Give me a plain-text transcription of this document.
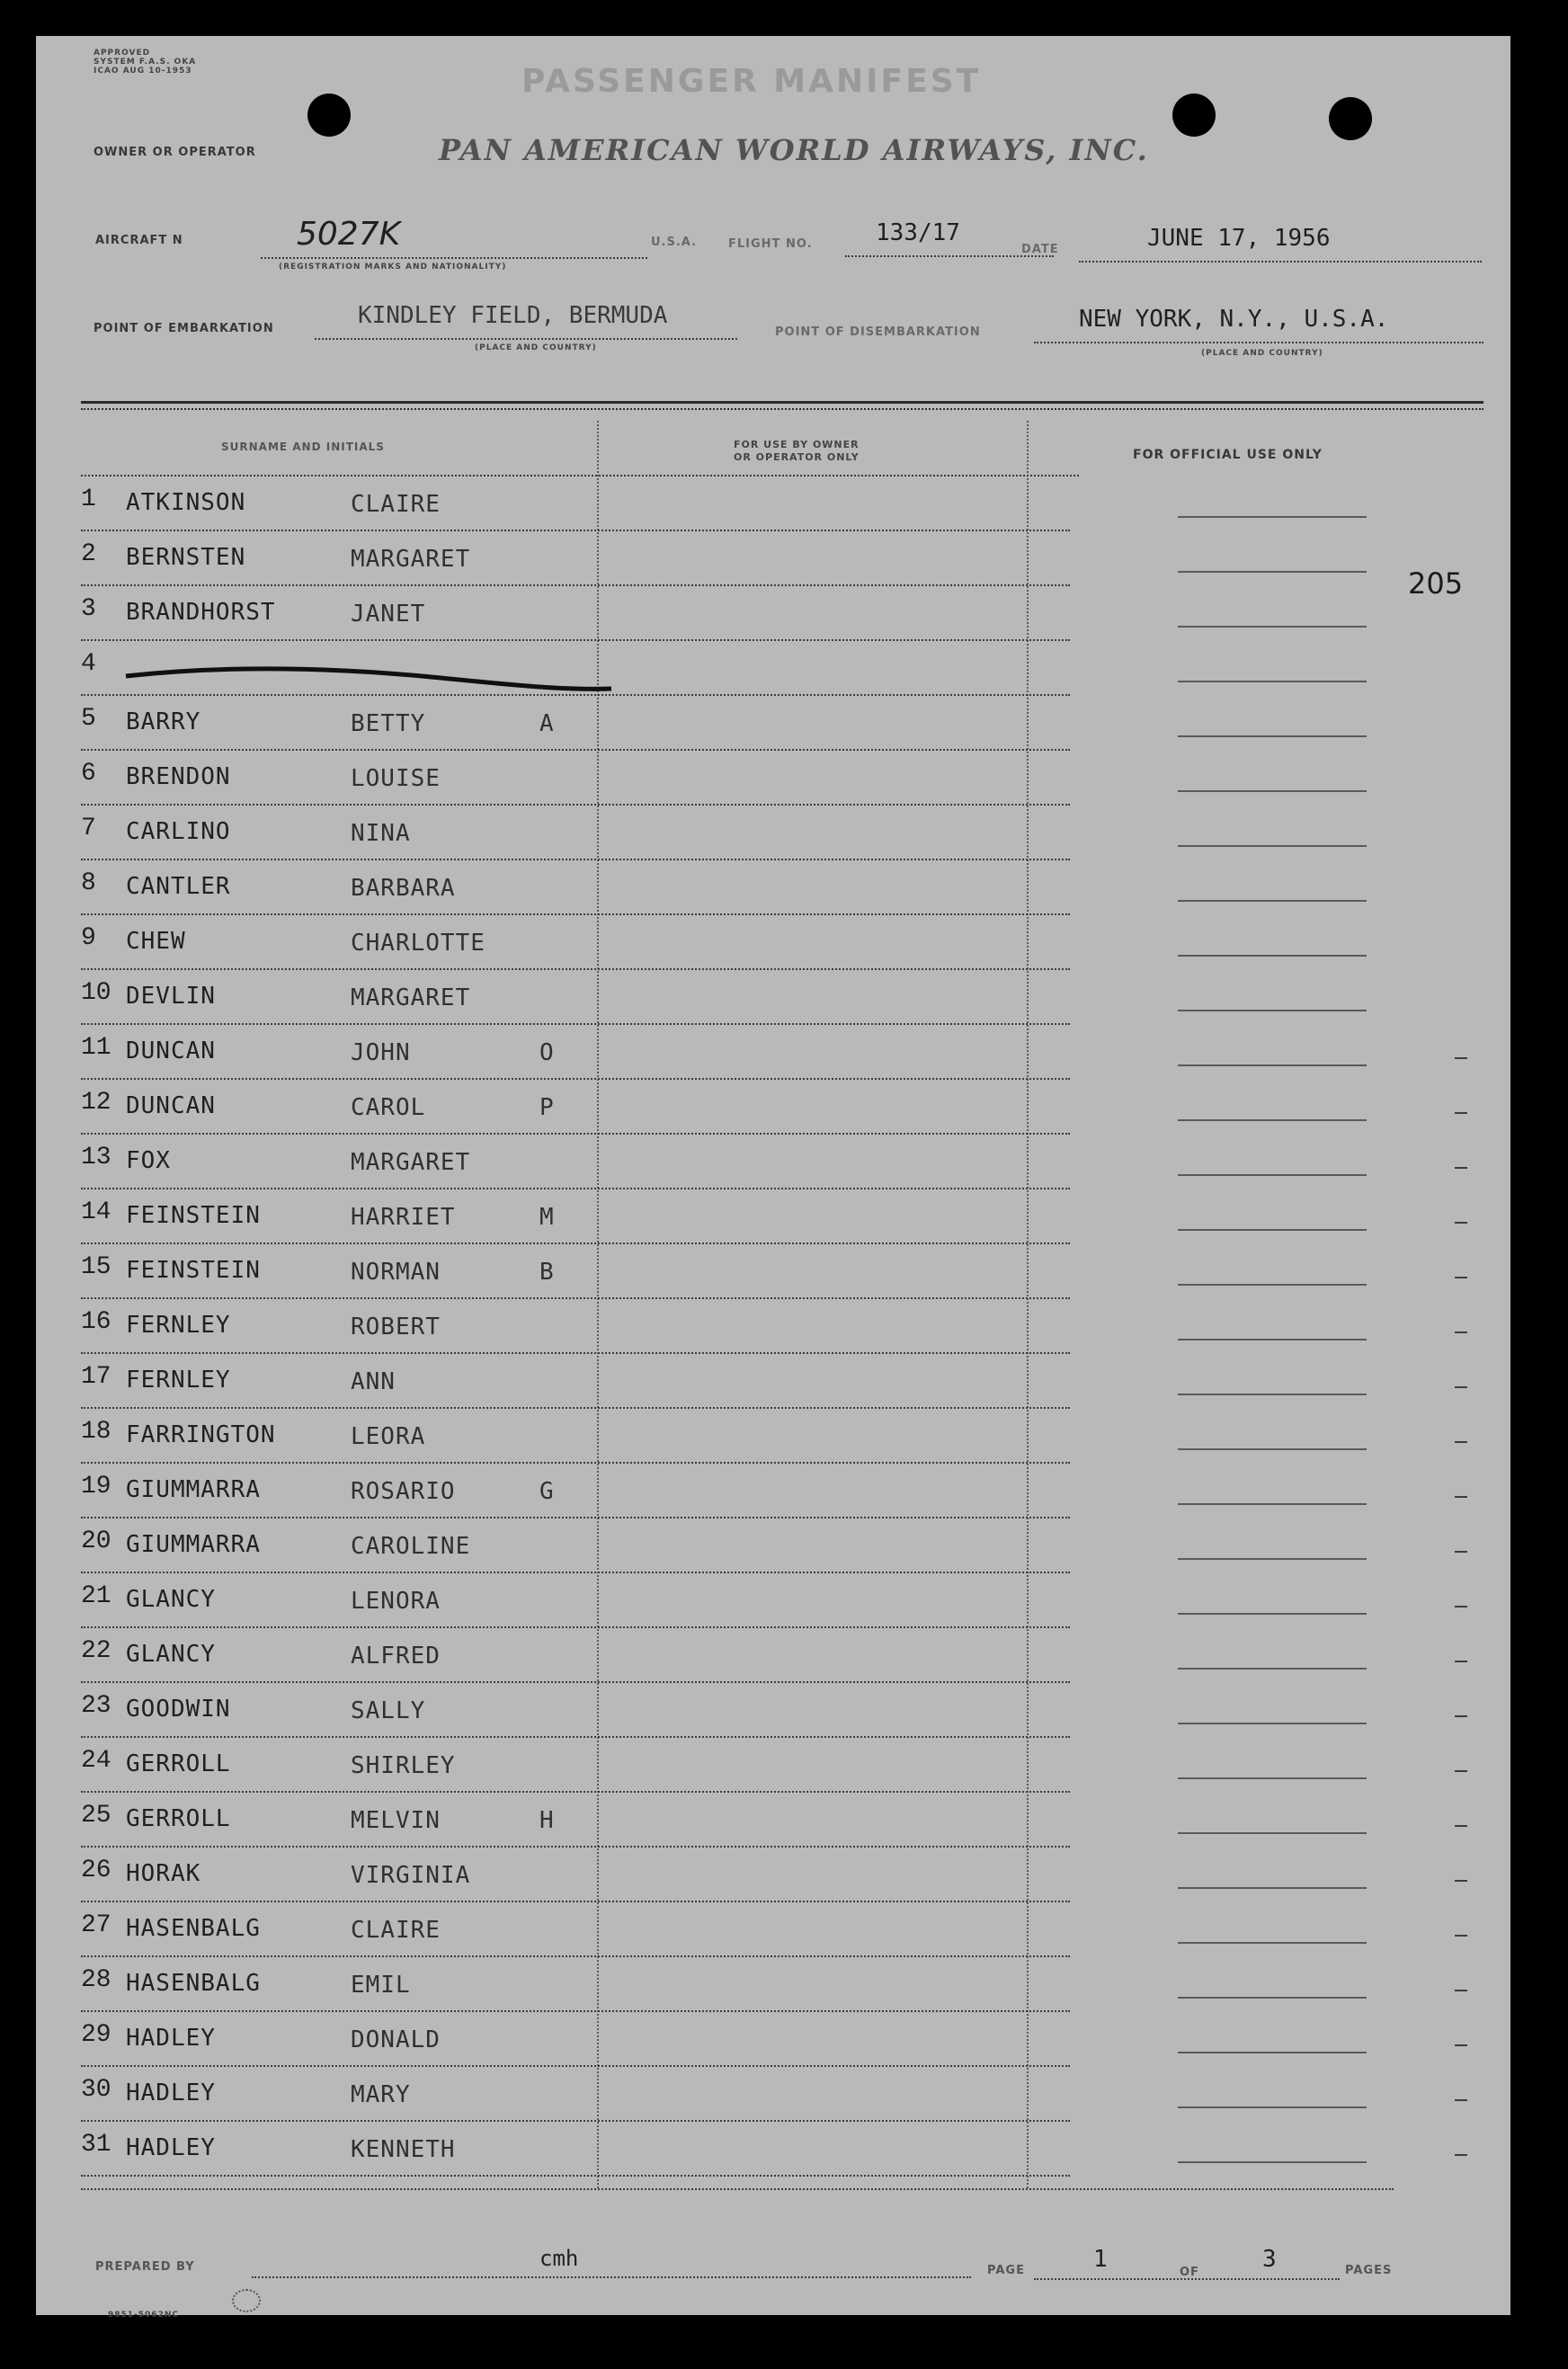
APPROVED
SYSTEM F.A.S. OKA
ICAO AUG 10-1953	PASSENGER MANIFEST
OWNER OR OPERATOR	PAN AMERICAN WORLD AIRWAYS, INC.
AIRCRAFT N	5027K
(REGISTRATION MARKS AND NATIONALITY)
U.S.A.	FLIGHT NO.	133/17
DATE	JUNE 17, 1956
POINT OF EMBARKATION	KINDLEY FIELD, BERMUDA
(PLACE AND COUNTRY)
POINT OF DISEMBARKATION	NEW YORK, N.Y., U.S.A.
(PLACE AND COUNTRY)
SURNAME AND INITIALS	FOR USE BY OWNER
OR OPERATOR ONLY	FOR OFFICIAL USE ONLY
205
1 ATKINSON	CLAIRE
2 BERNSTEN	MARGARET
3 BRANDHORST	JANET
4
5 BARRY	BETTY	A
6 BRENDON	LOUISE
7 CARLINO	NINA
8 CANTLER	BARBARA
9 CHEW	CHARLOTTE
10 DEVLIN	MARGARET
11 DUNCAN	JOHN	O
12 DUNCAN	CAROL	P
13 FOX	MARGARET
14 FEINSTEIN	HARRIET	M
15 FEINSTEIN	NORMAN	B
16 FERNLEY	ROBERT
17 FERNLEY	ANN
18 FARRINGTON	LEORA
19 GIUMMARRA	ROSARIO	G
20 GIUMMARRA	CAROLINE
21 GLANCY	LENORA
22 GLANCY	ALFRED
23 GOODWIN	SALLY
24 GERROLL	SHIRLEY
25 GERROLL	MELVIN	H
26 HORAK	VIRGINIA
27 HASENBALG	CLAIRE
28 HASENBALG	EMIL
29 HADLEY	DONALD
30 HADLEY	MARY
31 HADLEY	KENNETH
PREPARED BY	cmh	PAGE	1	OF	3	PAGES
9851-5062NC
